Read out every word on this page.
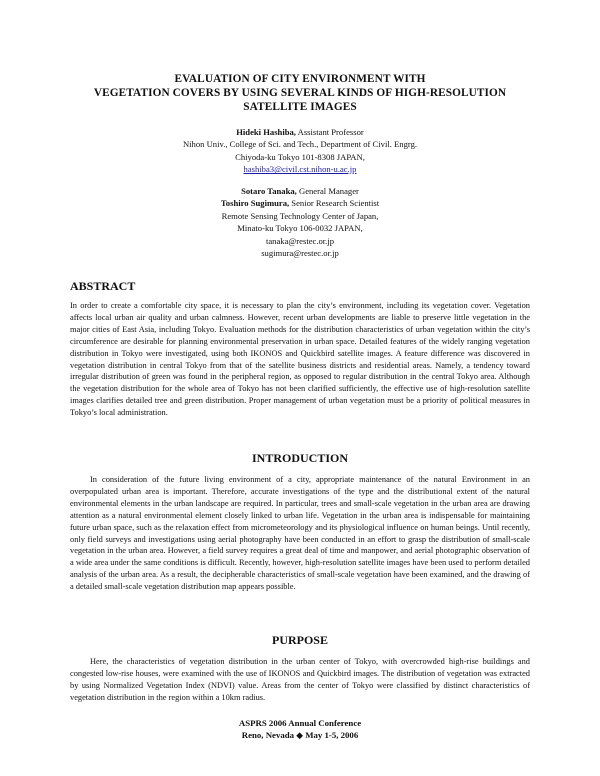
EVALUATION OF CITY ENVIRONMENT WITH
VEGETATION COVERS BY USING SEVERAL KINDS OF HIGH-RESOLUTION
SATELLITE IMAGES
Hideki Hashiba, Assistant Professor
Nihon Univ., College of Sci. and Tech., Department of Civil. Engrg.
Chiyoda-ku Tokyo 101-8308 JAPAN,
hashiba3@civil.cst.nihon-u.ac.jp
Sotaro Tanaka, General Manager
Toshiro Sugimura, Senior Research Scientist
Remote Sensing Technology Center of Japan,
Minato-ku Tokyo 106-0032 JAPAN,
tanaka@restec.or.jp
sugimura@restec.or.jp
ABSTRACT
In order to create a comfortable city space, it is necessary to plan the city’s environment, including its vegetation cover. Vegetation affects local urban air quality and urban calmness. However, recent urban developments are liable to preserve little vegetation in the major cities of East Asia, including Tokyo. Evaluation methods for the distribution characteristics of urban vegetation within the city’s circumference are desirable for planning environmental preservation in urban space. Detailed features of the widely ranging vegetation distribution in Tokyo were investigated, using both IKONOS and Quickbird satellite images. A feature difference was discovered in vegetation distribution in central Tokyo from that of the satellite business districts and residential areas. Namely, a tendency toward irregular distribution of green was found in the peripheral region, as opposed to regular distribution in the central Tokyo area. Although the vegetation distribution for the whole area of Tokyo has not been clarified sufficiently, the effective use of high-resolution satellite images clarifies detailed tree and green distribution. Proper management of urban vegetation must be a priority of political measures in Tokyo’s local administration.
INTRODUCTION
In consideration of the future living environment of a city, appropriate maintenance of the natural Environment in an overpopulated urban area is important. Therefore, accurate investigations of the type and the distributional extent of the natural environmental elements in the urban landscape are required. In particular, trees and small-scale vegetation in the urban area are drawing attention as a natural environmental element closely linked to urban life. Vegetation in the urban area is indispensable for maintaining future urban space, such as the relaxation effect from micrometeorology and its physiological influence on human beings. Until recently, only field surveys and investigations using aerial photography have been conducted in an effort to grasp the distribution of small-scale vegetation in the urban area. However, a field survey requires a great deal of time and manpower, and aerial photographic observation of a wide area under the same conditions is difficult. Recently, however, high-resolution satellite images have been used to perform detailed analysis of the urban area. As a result, the decipherable characteristics of small-scale vegetation have been examined, and the drawing of a detailed small-scale vegetation distribution map appears possible.
PURPOSE
Here, the characteristics of vegetation distribution in the urban center of Tokyo, with overcrowded high-rise buildings and congested low-rise houses, were examined with the use of IKONOS and Quickbird images. The distribution of vegetation was extracted by using Normalized Vegetation Index (NDVI) value. Areas from the center of Tokyo were classified by distinct characteristics of vegetation distribution in the region within a 10km radius.
ASPRS 2006 Annual Conference
Reno, Nevada ◆ May 1-5, 2006
